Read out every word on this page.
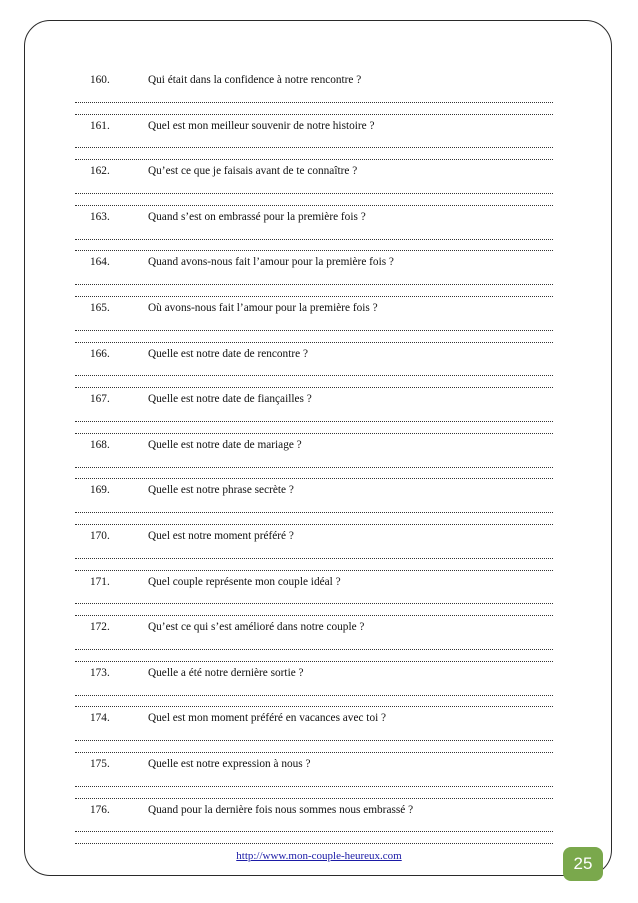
160.	Qui était dans la confidence à notre rencontre ?
161.	Quel est mon meilleur souvenir de notre histoire ?
162.	Qu’est ce que je faisais avant de te connaître ?
163.	Quand s’est on embrassé pour la première fois ?
164.	Quand avons-nous fait l’amour pour la première fois ?
165.	Où avons-nous fait l’amour pour la première fois ?
166.	Quelle est notre date de rencontre ?
167.	Quelle est notre date de fiançailles ?
168.	Quelle est notre date de mariage ?
169.	Quelle est notre phrase secrète ?
170.	Quel est notre moment préféré ?
171.	Quel couple représente mon couple idéal ?
172.	Qu’est ce qui s’est amélioré dans notre couple ?
173.	Quelle a été notre dernière sortie ?
174.	Quel est mon moment préféré en vacances avec toi ?
175.	Quelle est notre expression à nous ?
176.	Quand pour la dernière fois nous sommes nous embrassé ?
http://www.mon-couple-heureux.com	25
